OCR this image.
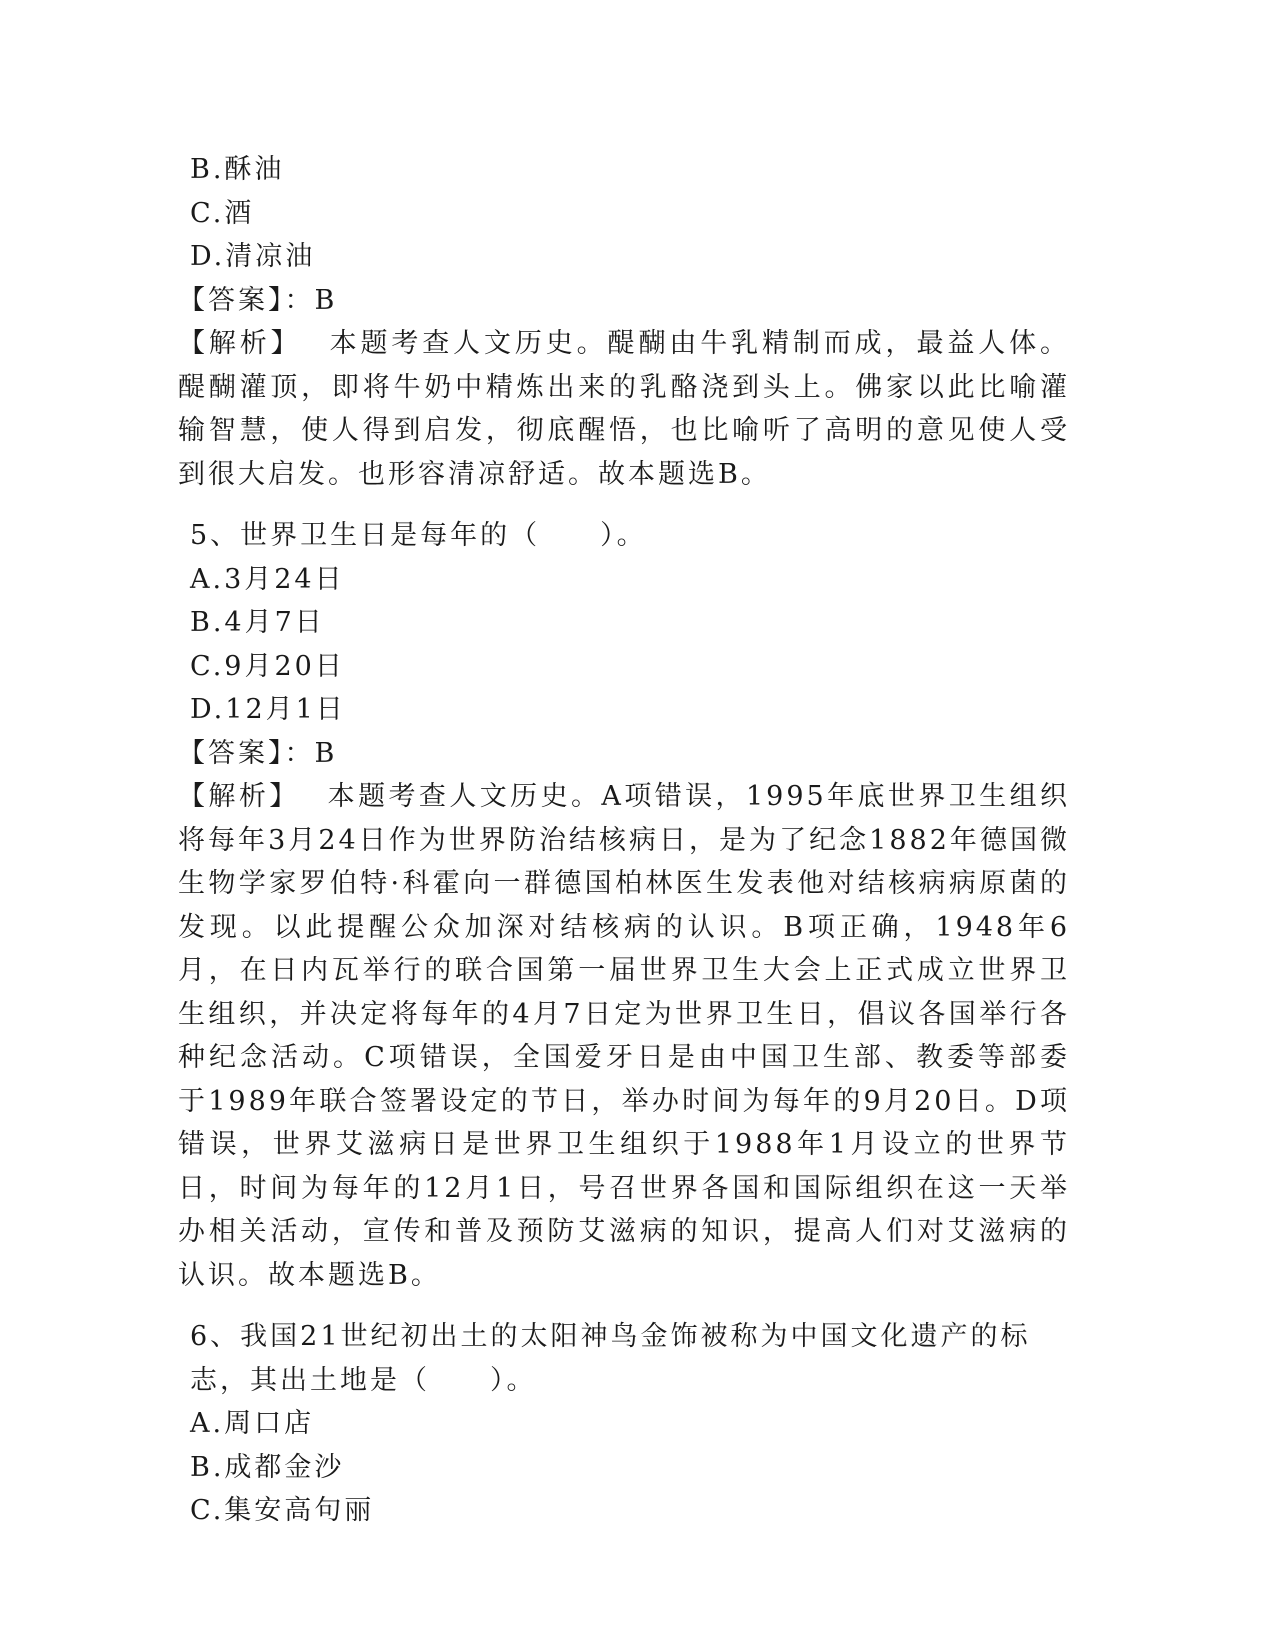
B.酥油
C.酒
D.清凉油
【答案】：B
【解析】 本题考查人文历史。醍醐由牛乳精制而成，最益人体。醍醐灌顶，即将牛奶中精炼出来的乳酪浇到头上。佛家以此比喻灌输智慧，使人得到启发，彻底醒悟，也比喻听了高明的意见使人受到很大启发。也形容清凉舒适。故本题选B。
5、世界卫生日是每年的（　　）。
A.3月24日
B.4月7日
C.9月20日
D.12月1日
【答案】：B
【解析】 本题考查人文历史。A项错误，1995年底世界卫生组织将每年3月24日作为世界防治结核病日，是为了纪念1882年德国微生物学家罗伯特·科霍向一群德国柏林医生发表他对结核病病原菌的发现。以此提醒公众加深对结核病的认识。B项正确，1948年6月，在日内瓦举行的联合国第一届世界卫生大会上正式成立世界卫生组织，并决定将每年的4月7日定为世界卫生日，倡议各国举行各种纪念活动。C项错误，全国爱牙日是由中国卫生部、教委等部委于1989年联合签署设定的节日，举办时间为每年的9月20日。D项错误，世界艾滋病日是世界卫生组织于1988年1月设立的世界节日，时间为每年的12月1日，号召世界各国和国际组织在这一天举办相关活动，宣传和普及预防艾滋病的知识，提高人们对艾滋病的认识。故本题选B。
6、我国21世纪初出土的太阳神鸟金饰被称为中国文化遗产的标志，其出土地是（　　）。
A.周口店
B.成都金沙
C.集安高句丽
